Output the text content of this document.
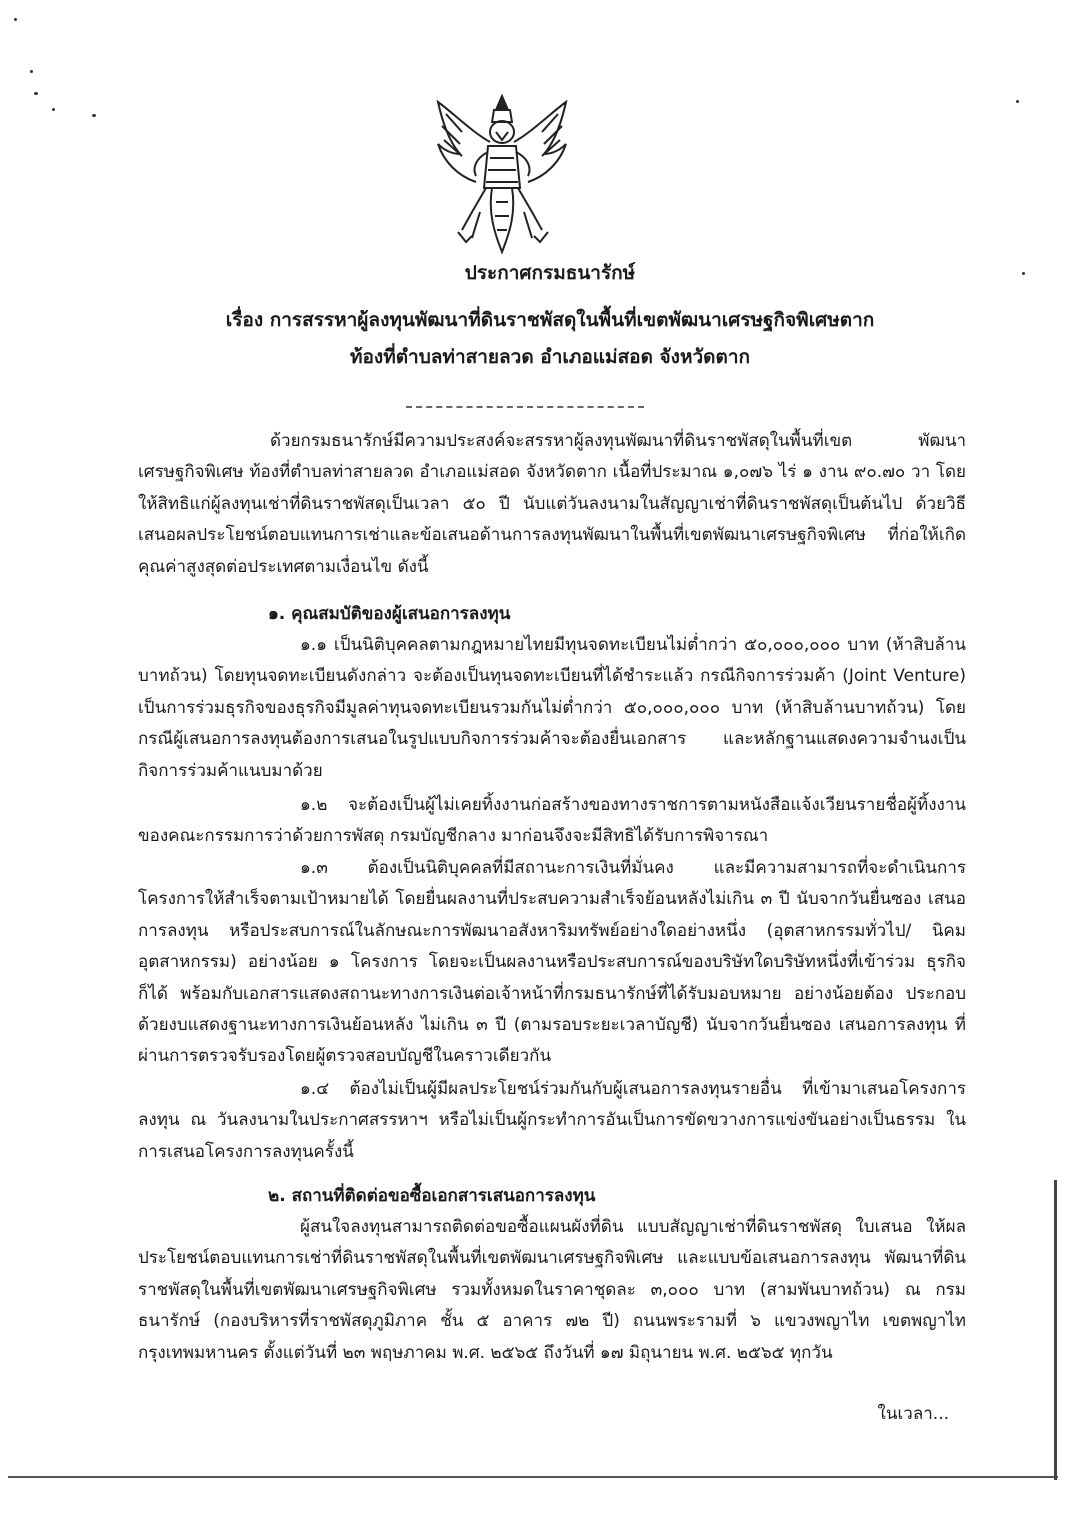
ประกาศกรมธนารักษ์
เรื่อง การสรรหาผู้ลงทุนพัฒนาที่ดินราชพัสดุในพื้นที่เขตพัฒนาเศรษฐกิจพิเศษตาก
ท้องที่ตำบลท่าสายลวด อำเภอแม่สอด จังหวัดตาก

ด้วยกรมธนารักษ์มีความประสงค์จะสรรหาผู้ลงทุนพัฒนาที่ดินราชพัสดุในพื้นที่เขต พัฒนาเศรษฐกิจพิเศษ ท้องที่ตำบลท่าสายลวด อำเภอแม่สอด จังหวัดตาก เนื้อที่ประมาณ ๑,๐๗๖ ไร่ ๑ งาน ๙๐.๗๐ วา โดยให้สิทธิแก่ผู้ลงทุนเช่าที่ดินราชพัสดุเป็นเวลา ๕๐ ปี นับแต่วันลงนามในสัญญาเช่าที่ดินราชพัสดุเป็นต้นไป ด้วยวิธีเสนอผลประโยชน์ตอบแทนการเช่าและข้อเสนอด้านการลงทุนพัฒนาในพื้นที่เขตพัฒนาเศรษฐกิจพิเศษ ที่ก่อให้เกิดคุณค่าสูงสุดต่อประเทศตามเงื่อนไข ดังนี้

๑. คุณสมบัติของผู้เสนอการลงทุน

๑.๑ เป็นนิติบุคคลตามกฎหมายไทยมีทุนจดทะเบียนไม่ต่ำกว่า ๕๐,๐๐๐,๐๐๐ บาท (ห้าสิบล้านบาทถ้วน) โดยทุนจดทะเบียนดังกล่าว จะต้องเป็นทุนจดทะเบียนที่ได้ชำระแล้ว กรณีกิจการร่วมค้า (Joint Venture) เป็นการร่วมธุรกิจของธุรกิจมีมูลค่าทุนจดทะเบียนรวมกันไม่ต่ำกว่า ๕๐,๐๐๐,๐๐๐ บาท (ห้าสิบล้านบาทถ้วน) โดยกรณีผู้เสนอการลงทุนต้องการเสนอในรูปแบบกิจการร่วมค้าจะต้องยื่นเอกสาร และหลักฐานแสดงความจำนงเป็นกิจการร่วมค้าแนบมาด้วย

๑.๒ จะต้องเป็นผู้ไม่เคยทิ้งงานก่อสร้างของทางราชการตามหนังสือแจ้งเวียนรายชื่อผู้ทิ้งงาน ของคณะกรรมการว่าด้วยการพัสดุ กรมบัญชีกลาง มาก่อนจึงจะมีสิทธิได้รับการพิจารณา

๑.๓ ต้องเป็นนิติบุคคลที่มีสถานะการเงินที่มั่นคง และมีความสามารถที่จะดำเนินการ โครงการให้สำเร็จตามเป้าหมายได้ โดยยื่นผลงานที่ประสบความสำเร็จย้อนหลังไม่เกิน ๓ ปี นับจากวันยื่นซอง เสนอการลงทุน หรือประสบการณ์ในลักษณะการพัฒนาอสังหาริมทรัพย์อย่างใดอย่างหนึ่ง (อุตสาหกรรมทั่วไป/ นิคมอุตสาหกรรม) อย่างน้อย ๑ โครงการ โดยจะเป็นผลงานหรือประสบการณ์ของบริษัทใดบริษัทหนึ่งที่เข้าร่วม ธุรกิจก็ได้ พร้อมกับเอกสารแสดงสถานะทางการเงินต่อเจ้าหน้าที่กรมธนารักษ์ที่ได้รับมอบหมาย อย่างน้อยต้อง ประกอบด้วยงบแสดงฐานะทางการเงินย้อนหลัง ไม่เกิน ๓ ปี (ตามรอบระยะเวลาบัญชี) นับจากวันยื่นซอง เสนอการลงทุน ที่ผ่านการตรวจรับรองโดยผู้ตรวจสอบบัญชีในคราวเดียวกัน

๑.๔ ต้องไม่เป็นผู้มีผลประโยชน์ร่วมกันกับผู้เสนอการลงทุนรายอื่น ที่เข้ามาเสนอโครงการ ลงทุน ณ วันลงนามในประกาศสรรหาฯ หรือไม่เป็นผู้กระทำการอันเป็นการขัดขวางการแข่งขันอย่างเป็นธรรม ในการเสนอโครงการลงทุนครั้งนี้

๒. สถานที่ติดต่อขอซื้อเอกสารเสนอการลงทุน

ผู้สนใจลงทุนสามารถติดต่อขอซื้อแผนผังที่ดิน แบบสัญญาเช่าที่ดินราชพัสดุ ใบเสนอ ให้ผลประโยชน์ตอบแทนการเช่าที่ดินราชพัสดุในพื้นที่เขตพัฒนาเศรษฐกิจพิเศษ และแบบข้อเสนอการลงทุน พัฒนาที่ดินราชพัสดุในพื้นที่เขตพัฒนาเศรษฐกิจพิเศษ รวมทั้งหมดในราคาชุดละ ๓,๐๐๐ บาท (สามพันบาทถ้วน) ณ กรมธนารักษ์ (กองบริหารที่ราชพัสดุภูมิภาค ชั้น ๕ อาคาร ๗๒ ปี) ถนนพระรามที่ ๖ แขวงพญาไท เขตพญาไท กรุงเทพมหานคร ตั้งแต่วันที่ ๒๓ พฤษภาคม พ.ศ. ๒๕๖๕ ถึงวันที่ ๑๗ มิถุนายน พ.ศ. ๒๕๖๕ ทุกวัน

ในเวลา...
